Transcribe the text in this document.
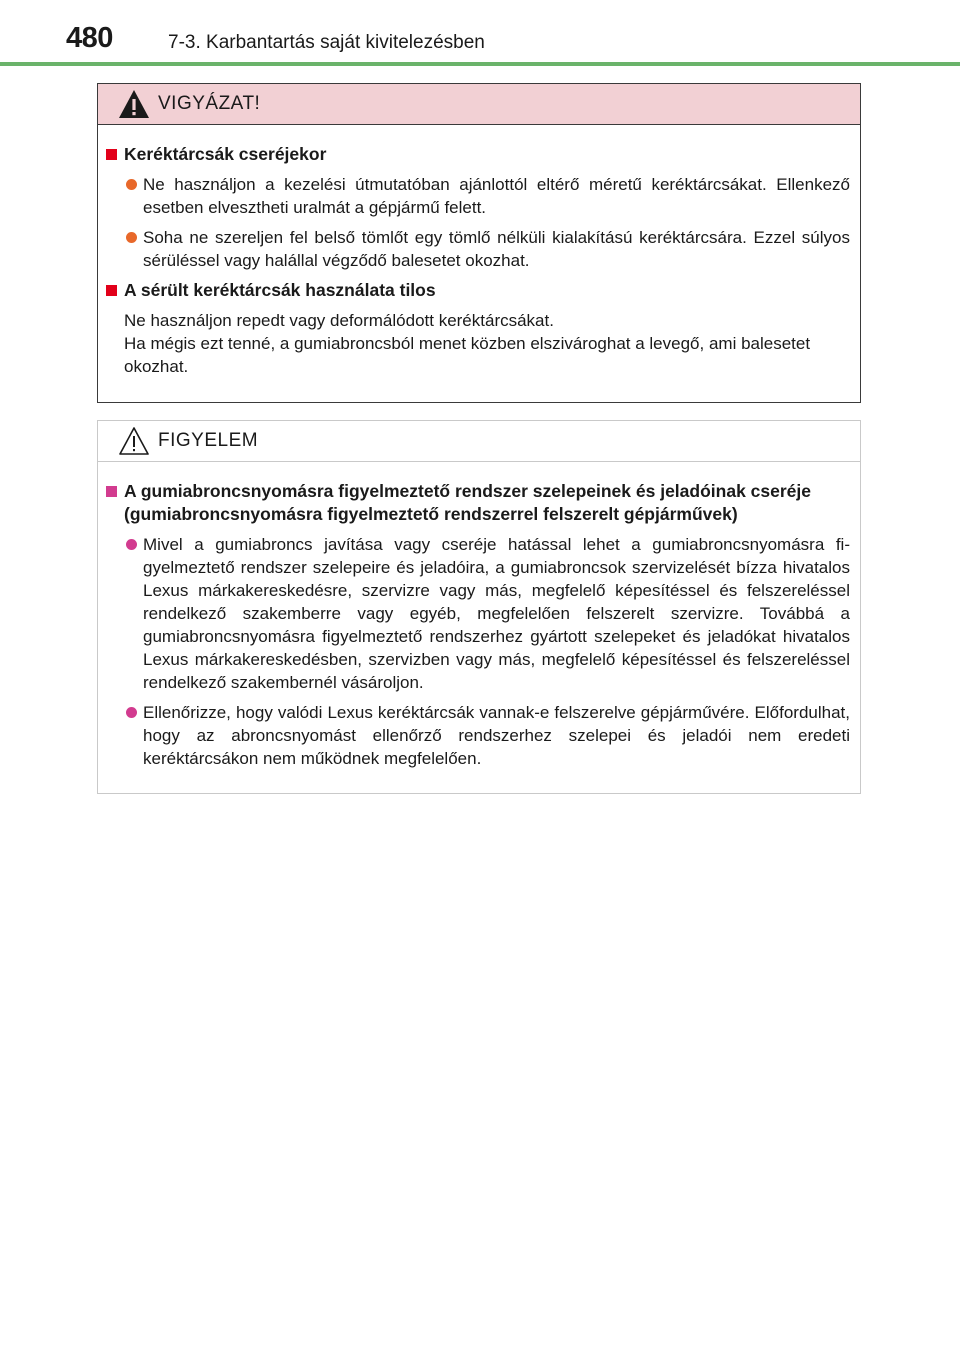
480	7-3. Karbantartás saját kivitelezésben
VIGYÁZAT!
Keréktárcsák cseréjekor
Ne használjon a kezelési útmutatóban ajánlottól eltérő méretű keréktárcsákat. Ellenkező esetben elvesztheti uralmát a gépjármű felett.
Soha ne szereljen fel belső tömlőt egy tömlő nélküli kialakítású keréktárcsára. Ezzel súlyos sérüléssel vagy halállal végződő balesetet okozhat.
A sérült keréktárcsák használata tilos
Ne használjon repedt vagy deformálódott keréktárcsákat.
Ha mégis ezt tenné, a gumiabroncsból menet közben elszivároghat a levegő, ami balesetet okozhat.
FIGYELEM
A gumiabroncsnyomásra figyelmeztető rendszer szelepeinek és jeladóinak cseréje (gumiabroncsnyomásra figyelmeztető rendszerrel felszerelt gépjárművek)
Mivel a gumiabroncs javítása vagy cseréje hatással lehet a gumiabroncsnyomásra figyelmeztető rendszer szelepeire és jeladóira, a gumiabroncsok szervizelését bízza hivatalos Lexus márkakereskedésre, szervizre vagy más, megfelelő képesítéssel és felszereléssel rendelkező szakemberre vagy egyéb, megfelelően felszerelt szervizre. Továbbá a gumiabroncsnyomásra figyelmeztető rendszerhez gyártott szelepeket és jeladókat hivatalos Lexus márkakereskedésben, szervizben vagy más, megfelelő képesítéssel és felszereléssel rendelkező szakembernél vásároljon.
Ellenőrizze, hogy valódi Lexus keréktárcsák vannak-e felszerelve gépjárművére. Előfordulhat, hogy az abroncsnyomást ellenőrző rendszerhez szelepei és jeladói nem eredeti keréktárcsákon nem működnek megfelelően.
